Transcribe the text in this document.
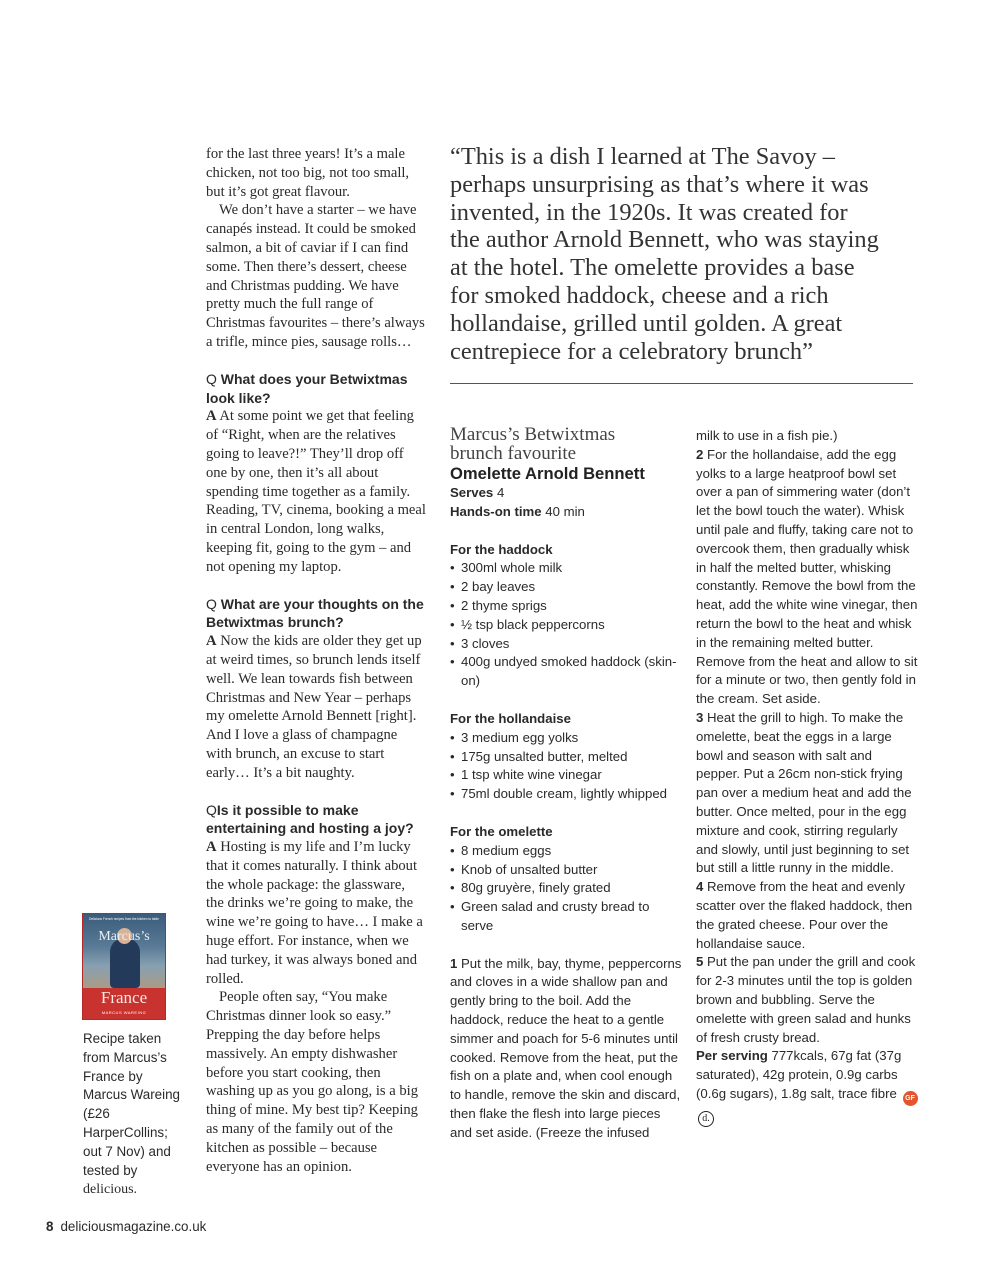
for the last three years! It’s a male chicken, not too big, not too small, but it’s got great flavour.

We don’t have a starter – we have canapés instead. It could be smoked salmon, a bit of caviar if I can find some. Then there’s dessert, cheese and Christmas pudding. We have pretty much the full range of Christmas favourites – there’s always a trifle, mince pies, sausage rolls…

Q What does your Betwixtmas look like?

A At some point we get that feeling of “Right, when are the relatives going to leave?!” They’ll drop off one by one, then it’s all about spending time together as a family. Reading, TV, cinema, booking a meal in central London, long walks, keeping fit, going to the gym – and not opening my laptop.

Q What are your thoughts on the Betwixtmas brunch?

A Now the kids are older they get up at weird times, so brunch lends itself well. We lean towards fish between Christmas and New Year – perhaps my omelette Arnold Bennett [right]. And I love a glass of champagne with brunch, an excuse to start early… It’s a bit naughty.

QIs it possible to make entertaining and hosting a joy?

A Hosting is my life and I’m lucky that it comes naturally. I think about the whole package: the glassware, the drinks we’re going to make, the wine we’re going to have… I make a huge effort. For instance, when we had turkey, it was always boned and rolled.

People often say, “You make Christmas dinner look so easy.” Prepping the day before helps massively. An empty dishwasher before you start cooking, then washing up as you go along, is a big thing of mine. My best tip? Keeping as many of the family out of the kitchen as possible – because everyone has an opinion.

Delicious French recipes from the kitchen to table
Marcus’s
France
MARCUS WAREING
Recipe taken from Marcus’s France by Marcus Wareing (£26 HarperCollins; out 7 Nov) and tested by delicious.
“This is a dish I learned at The Savoy –
perhaps unsurprising as that’s where it was
invented, in the 1920s. It was created for
the author Arnold Bennett, who was staying
at the hotel. The omelette provides a base
for smoked haddock, cheese and a rich
hollandaise, grilled until golden. A great
centrepiece for a celebratory brunch”
Marcus’s Betwixtmas
brunch favourite
Omelette Arnold Bennett
Serves 4
Hands-on time 40 min
For the haddock
• 300ml whole milk
• 2 bay leaves
• 2 thyme sprigs
• ½ tsp black peppercorns
• 3 cloves
• 400g undyed smoked haddock (skin-on)
For the hollandaise
• 3 medium egg yolks
• 175g unsalted butter, melted
• 1 tsp white wine vinegar
• 75ml double cream, lightly whipped
For the omelette
• 8 medium eggs
• Knob of unsalted butter
• 80g gruyère, finely grated
• Green salad and crusty bread to serve
1 Put the milk, bay, thyme, peppercorns and cloves in a wide shallow pan and gently bring to the boil. Add the haddock, reduce the heat to a gentle simmer and poach for 5-6 minutes until cooked. Remove from the heat, put the fish on a plate and, when cool enough to handle, remove the skin and discard, then flake the flesh into large pieces and set aside. (Freeze the infused

milk to use in a fish pie.)

2 For the hollandaise, add the egg yolks to a large heatproof bowl set over a pan of simmering water (don’t let the bowl touch the water). Whisk until pale and fluffy, taking care not to overcook them, then gradually whisk in half the melted butter, whisking constantly. Remove the bowl from the heat, add the white wine vinegar, then return the bowl to the heat and whisk in the remaining melted butter. Remove from the heat and allow to sit for a minute or two, then gently fold in the cream. Set aside.

3 Heat the grill to high. To make the omelette, beat the eggs in a large bowl and season with salt and pepper. Put a 26cm non-stick frying pan over a medium heat and add the butter. Once melted, pour in the egg mixture and cook, stirring regularly and slowly, until just beginning to set but still a little runny in the middle.

4 Remove from the heat and evenly scatter over the flaked haddock, then the grated cheese. Pour over the hollandaise sauce.

5 Put the pan under the grill and cook for 2-3 minutes until the top is golden brown and bubbling. Serve the omelette with green salad and hunks of fresh crusty bread.

Per serving 777kcals, 67g fat (37g saturated), 42g protein, 0.9g carbs (0.6g sugars), 1.8g salt, trace fibre GFd.

8 deliciousmagazine.co.uk
